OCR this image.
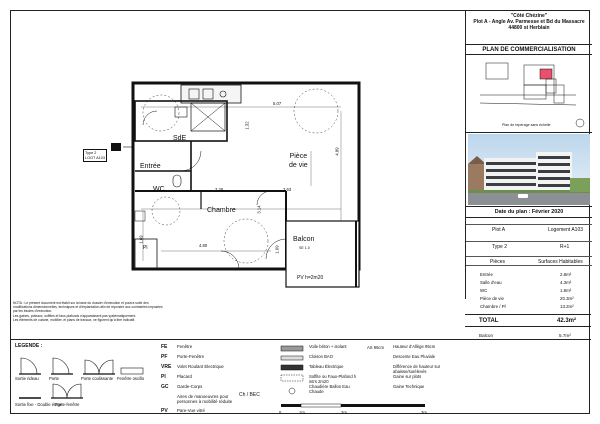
SdE
Entrée
WC
Pièce
de vie
Chambre
Balcon
Pl
PV h=2m20
SE 1.0
5.07
3.26	2.63
4.80
1.69
4.89
3.14
1.32
1.69
Type 2
LOGT A103
"Côté Chézine"
Plot A - Angle Av. Parmesse et Bd du Massacre
44800 st Herblain
PLAN DE COMMERCIALISATION
Plan de repérage sans échelle
Date du plan : Février 2020
Plot A	Logement A103
Type 2	R+1
Pièces	Surfaces Habitables
Entrée	2.8m²
Salle d'eau	4.3m²
WC	1.8m²
Pièce de vie	20.3m²
Chambre / Pl	13.2m²
TOTAL	42.3m²
Balcon	5.7m²
NOTA : Le présent document est établi sur la base du dossier d'exécution et pourra subir des
modifications dimensionnelles, techniques et d'implantation afin de répondre aux contraintes imposées
par les études d'exécution.
Les gaines, poteaux, soffites et faux-plafonds n'apparaissent pas systématiquement.
Les éléments de cuisine, mobilier, et plans de travaux, ne figurent qu'à titre indicatif.
LEGENDE :
Sortie rideau Porte	Porte coulissante Fenêtre oscillo
Sortie fixe - Double étage
Porte-fenêtre
FE Fenêtre
PF Porte-Fenêtre
VRE Volet Roulant Electrique
Pl	Placard
GC Garde-Corps
Aires de manoeuvres pour personnes à mobilité réduite
PV Pare-Vue vitré
Voile béton + isolant
Cloison BAO
Tableau Électrique
Soffite ou Faux-Plafond h intrs 2m20
Chaudière Ballon Eau Chaude
Ch / BEC
AS 95cm Hauteur d'Allège 95cm
Descente Eau Pluviale
Différence de hauteur sur abaisse/surélevés
Gaine sur plots
Gaine Technique
0	1m	2m	3m
